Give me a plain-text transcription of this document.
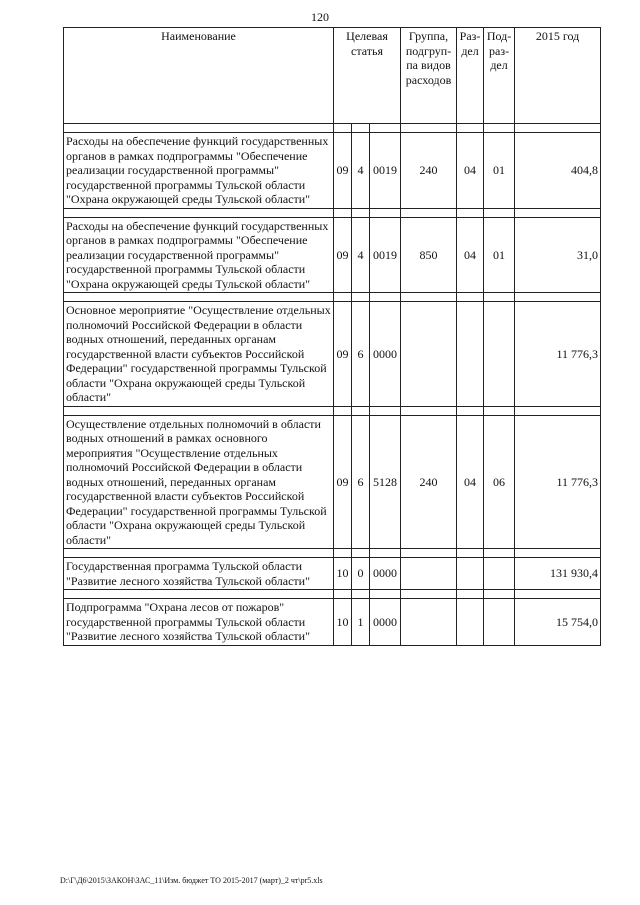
120
Наименование	Целевая статья			Группа, подгруп-па видов расходов	Раз-дел	Под-раз-дел	2015 год

Расходы на обеспечение функций государственных органов в рамках подпрограммы "Обеспечение реализации государственной программы" государственной программы Тульской области "Охрана окружающей среды Тульской области"	09	4	0019	240	04	01	404,8

Расходы на обеспечение функций государственных органов в рамках подпрограммы "Обеспечение реализации государственной программы" государственной программы Тульской области "Охрана окружающей среды Тульской области"	09	4	0019	850	04	01	31,0

Основное мероприятие "Осуществление отдельных полномочий Российской Федерации в области водных отношений, переданных органам государственной власти субъектов Российской Федерации" государственной программы Тульской области "Охрана окружающей среды Тульской области"	09	6	0000				11 776,3

Осуществление отдельных полномочий в области водных отношений в рамках основного мероприятия "Осуществление отдельных полномочий Российской Федерации в области водных отношений, переданных органам государственной власти субъектов Российской Федерации" государственной программы Тульской области "Охрана окружающей среды Тульской области"	09	6	5128	240	04	06	11 776,3

Государственная программа Тульской области "Развитие лесного хозяйства Тульской области"	10	0	0000				131 930,4

Подпрограмма "Охрана лесов от пожаров" государственной программы Тульской области "Развитие лесного хозяйства Тульской области"	10	1	0000				15 754,0
D:\Г\Д6\2015\ЗАКОН\ЗАС_11\Изм. бюджет ТО 2015-2017 (март)_2 чт\pr5.xls
